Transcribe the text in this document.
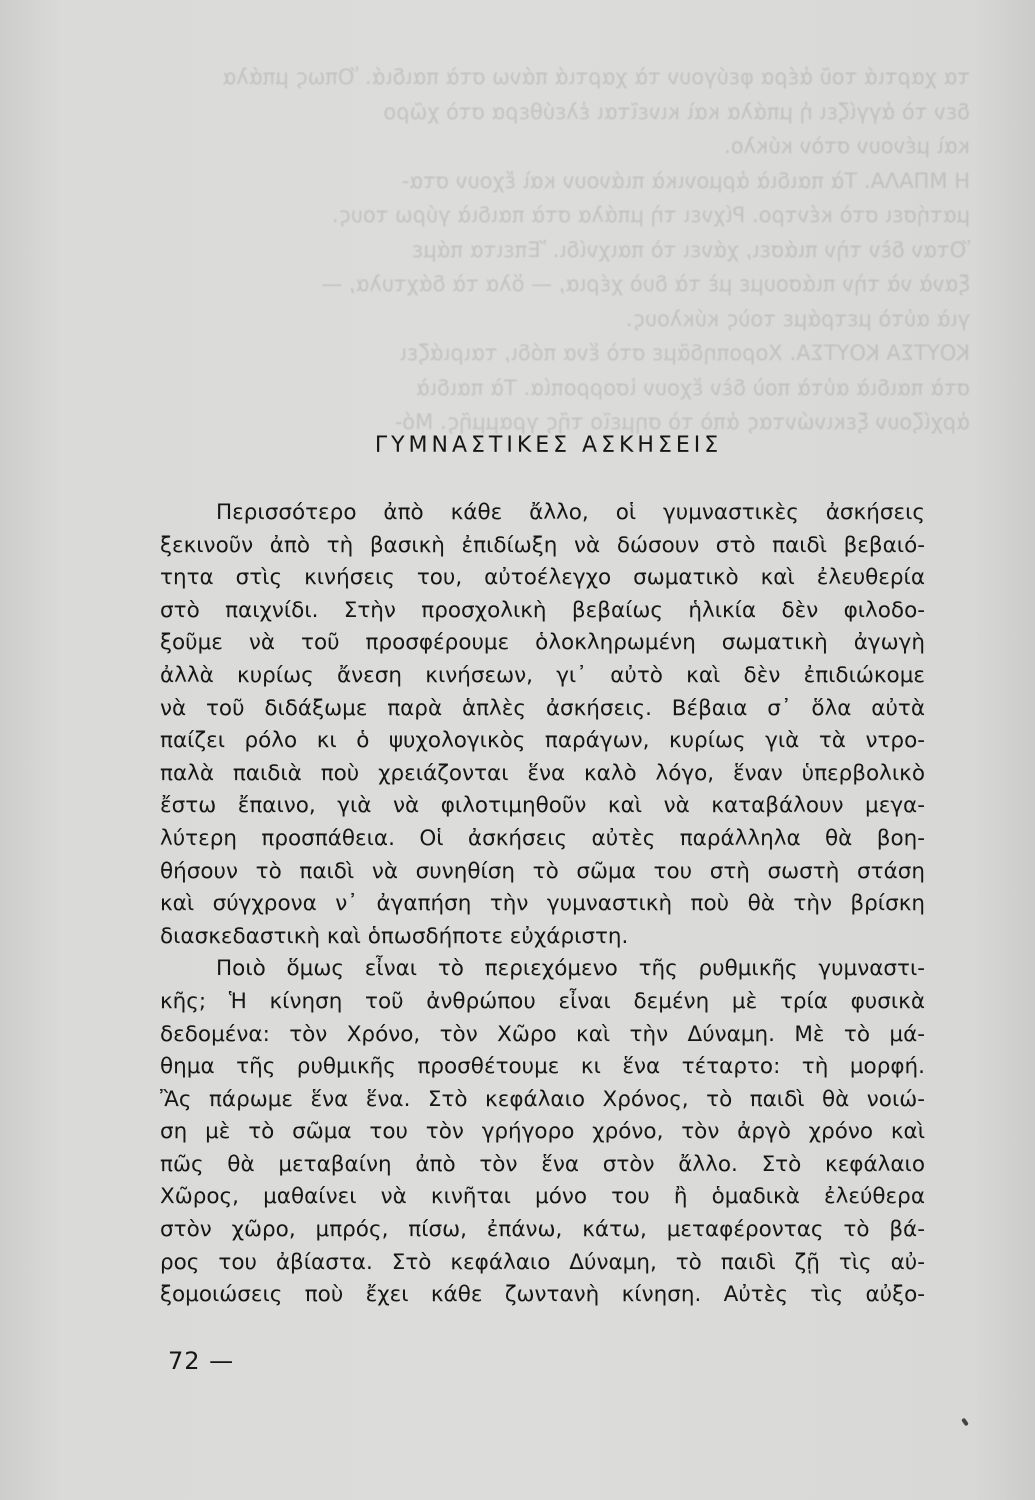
τα χαρτιά τοῦ ἀέρα φεύγουν τὰ χαρτιά πάνω στὰ παιδιά. Ὅπως μπάλα
δεν τὸ ἀγγίζει ἡ μπάλα καὶ κινεῖται ἐλεύθερα στὸ χῶρο
καὶ μένουν στὸν κύκλο.
Η ΜΠΑΛΑ. Τὰ παιδιὰ ἀρμονικὰ πιάνουν καὶ ἔχουν στα-
ματήσει στὸ κέντρο. Ρίχνει τὴ μπάλα στὰ παιδιὰ γύρω τους.
Ὅταν δὲν τὴν πιάσει, χάνει τὸ παιχνίδι. Ἔπειτα πάμε
ξανὰ νὰ τὴν πιάσουμε μὲ τὰ δυὸ χέρια, — ὅλα τὰ δάχτυλα, —
γιὰ αὐτὸ μετράμε τοὺς κύκλους.
ΚΟΥΤΣΑ ΚΟΥΤΣΑ. Χοροπηδᾶμε στὸ ἕνα πόδι, ταιριάζει
στὰ παιδιὰ αὐτὰ ποὺ δὲν ἔχουν ἰσορροπία. Τὰ παιδιὰ
ἀρχίζουν ξεκινώντας ἀπὸ τὸ σημεῖο τῆς γραμμῆς. Μό-
ΓΥΜΝΑΣΤΙΚΕΣ ΑΣΚΗΣΕΙΣ
Περισσότερο ἀπὸ κάθε ἄλλο, οἱ γυμναστικὲς ἀσκήσεις
ξεκινοῦν ἀπὸ τὴ βασικὴ ἐπιδίωξη νὰ δώσουν στὸ παιδὶ βεβαιό-
τητα στὶς κινήσεις του, αὐτοέλεγχο σωματικὸ καὶ ἐλευθερία
στὸ παιχνίδι. Στὴν προσχολικὴ βεβαίως ἡλικία δὲν φιλοδο-
ξοῦμε νὰ τοῦ προσφέρουμε ὁλοκληρωμένη σωματικὴ ἀγωγὴ
ἀλλὰ κυρίως ἄνεση κινήσεων, γι᾿ αὐτὸ καὶ δὲν ἐπιδιώκομε
νὰ τοῦ διδάξωμε παρὰ ἁπλὲς ἀσκήσεις. Βέβαια σ᾿ ὅλα αὐτὰ
παίζει ρόλο κι ὁ ψυχολογικὸς παράγων, κυρίως γιὰ τὰ ντρο-
παλὰ παιδιὰ ποὺ χρειάζονται ἕνα καλὸ λόγο, ἕναν ὑπερβολικὸ
ἔστω ἔπαινο, γιὰ νὰ φιλοτιμηθοῦν καὶ νὰ καταβάλουν μεγα-
λύτερη προσπάθεια. Οἱ ἀσκήσεις αὐτὲς παράλληλα θὰ βοη-
θήσουν τὸ παιδὶ νὰ συνηθίση τὸ σῶμα του στὴ σωστὴ στάση
καὶ σύγχρονα ν᾿ ἀγαπήση τὴν γυμναστικὴ ποὺ θὰ τὴν βρίσκη
διασκεδαστικὴ καὶ ὁπωσδήποτε εὐχάριστη.
Ποιὸ ὅμως εἶναι τὸ περιεχόμενο τῆς ρυθμικῆς γυμναστι-
κῆς; Ἡ κίνηση τοῦ ἀνθρώπου εἶναι δεμένη μὲ τρία φυσικὰ
δεδομένα: τὸν Χρόνο, τὸν Χῶρο καὶ τὴν Δύναμη. Μὲ τὸ μά-
θημα τῆς ρυθμικῆς προσθέτουμε κι ἕνα τέταρτο: τὴ μορφή.
Ἂς πάρωμε ἕνα ἕνα. Στὸ κεφάλαιο Χρόνος, τὸ παιδὶ θὰ νοιώ-
ση μὲ τὸ σῶμα του τὸν γρήγορο χρόνο, τὸν ἀργὸ χρόνο καὶ
πῶς θὰ μεταβαίνη ἀπὸ τὸν ἕνα στὸν ἄλλο. Στὸ κεφάλαιο
Χῶρος, μαθαίνει νὰ κινῆται μόνο του ἢ ὁμαδικὰ ἐλεύθερα
στὸν χῶρο, μπρός, πίσω, ἐπάνω, κάτω, μεταφέροντας τὸ βά-
ρος του ἀβίαστα. Στὸ κεφάλαιο Δύναμη, τὸ παιδὶ ζῇ τὶς αὐ-
ξομοιώσεις ποὺ ἔχει κάθε ζωντανὴ κίνηση. Αὐτὲς τὶς αὐξο-
72 —
